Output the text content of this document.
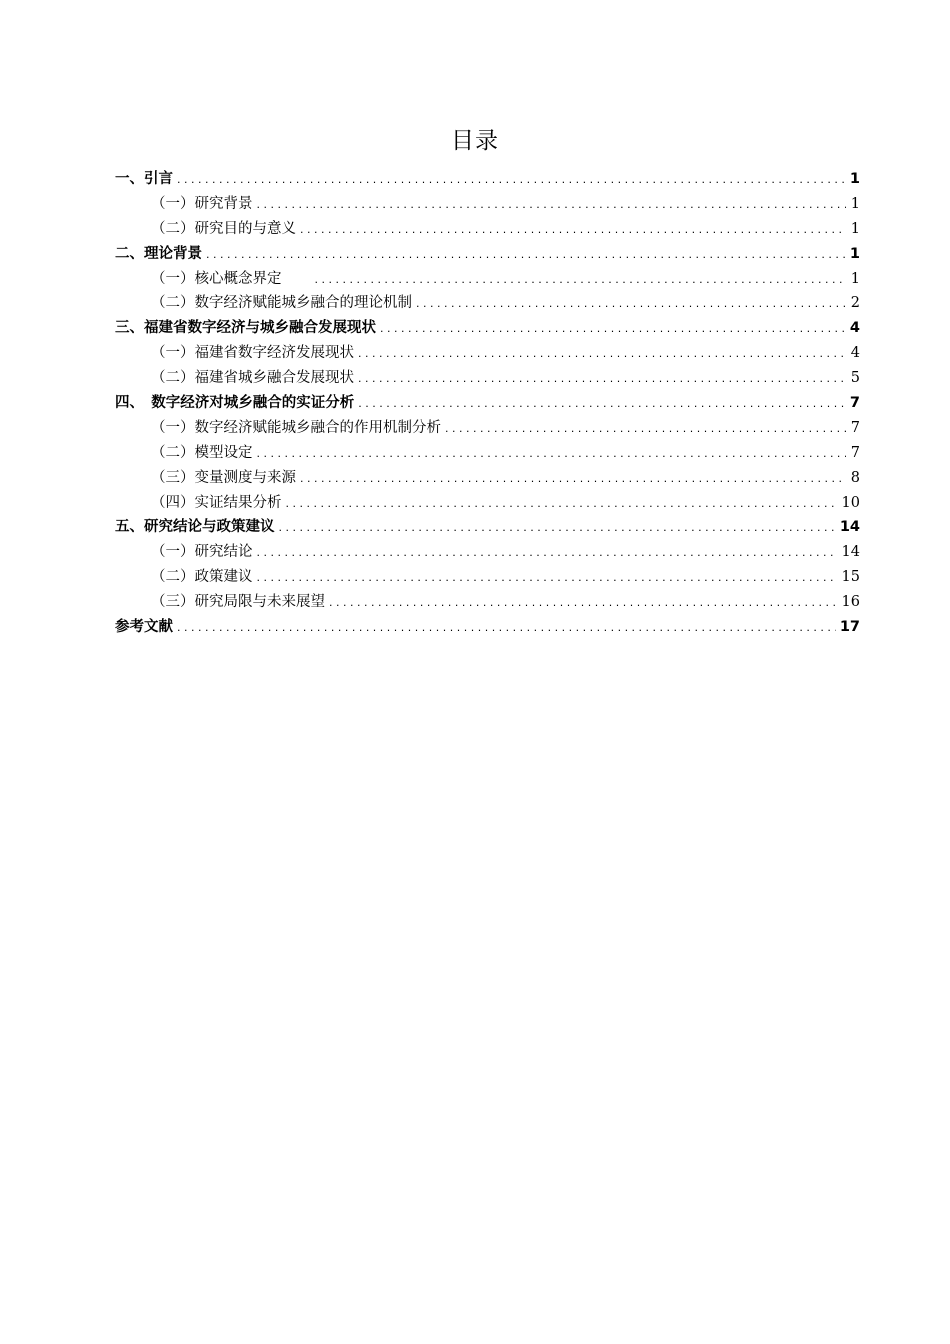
目录
一、引言 . . .	1
（一）研究背景 . . .	1
（二）研究目的与意义 . . .	1
二、理论背景 . . .	1
（一）核心概念界定　　 . . .	1
（二）数字经济赋能城乡融合的理论机制 . . .	2
三、福建省数字经济与城乡融合发展现状 . . .	4
（一）福建省数字经济发展现状 . . .	4
（二）福建省城乡融合发展现状 . . .	5
四、　数字经济对城乡融合的实证分析 . . .	7
（一）数字经济赋能城乡融合的作用机制分析 . . .	7
（二）模型设定 . . .	7
（三）变量测度与来源 . . .	8
（四）实证结果分析 . . .	10
五、研究结论与政策建议 . . .	14
（一）研究结论 . . .	14
（二）政策建议 . . .	15
（三）研究局限与未来展望 . . .	16
参考文献 . . .	17
